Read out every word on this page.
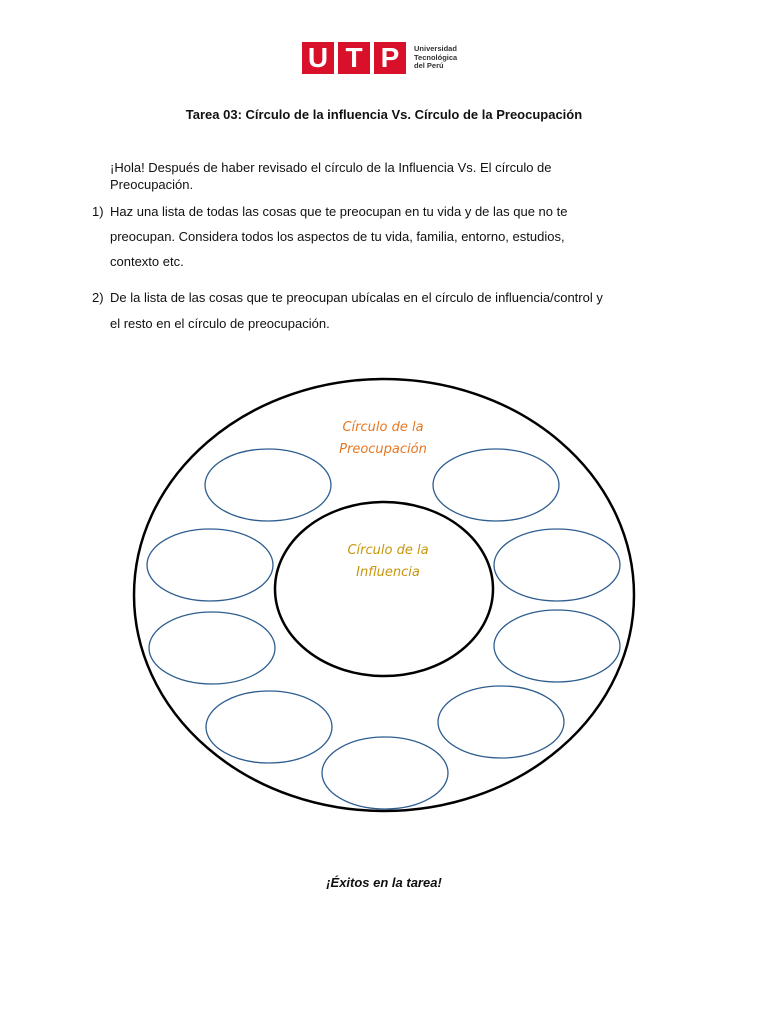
U T P	Universidad
Tecnológica
del Perú
Tarea 03: Círculo de la influencia Vs. Círculo de la Preocupación
¡Hola! Después de haber revisado el círculo de la Influencia Vs. El círculo de
Preocupación.
1) Haz una lista de todas las cosas que te preocupan en tu vida y de las que no te
preocupan. Considera todos los aspectos de tu vida, familia, entorno, estudios,
contexto etc.
2) De la lista de las cosas que te preocupan ubícalas en el círculo de influencia/control y
el resto en el círculo de preocupación.
Círculo de la
Preocupación
Círculo de la
Influencia
¡Éxitos en la tarea!
